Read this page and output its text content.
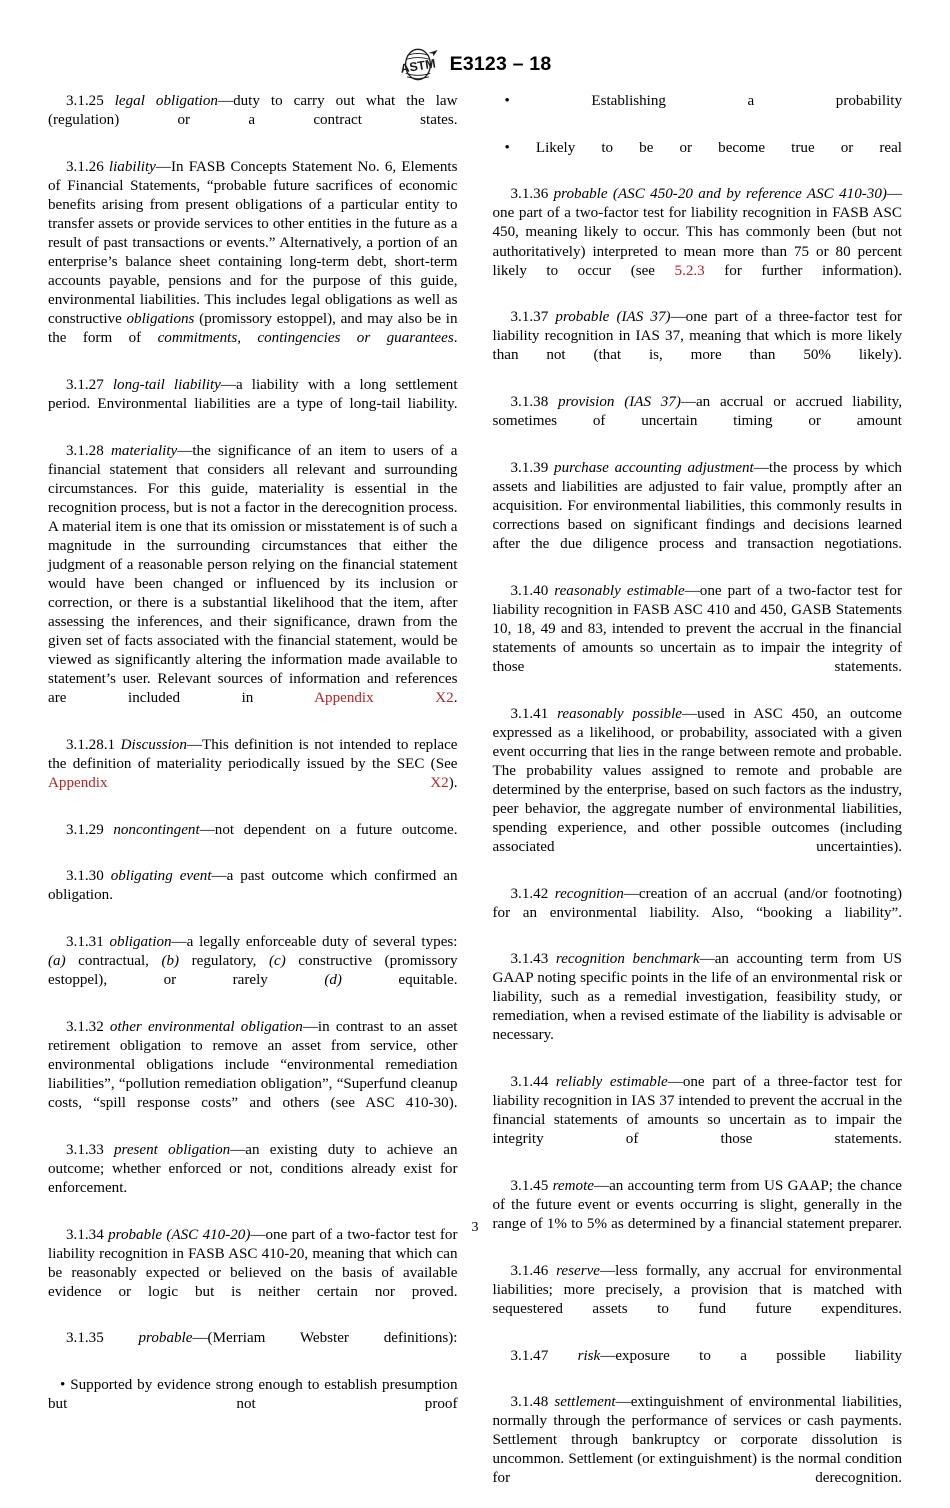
ASTM E3123 – 18

3.1.25 legal obligation—duty to carry out what the law (regulation) or a contract states.

3.1.26 liability—In FASB Concepts Statement No. 6, Elements of Financial Statements, “probable future sacrifices of economic benefits arising from present obligations of a particular entity to transfer assets or provide services to other entities in the future as a result of past transactions or events.” Alternatively, a portion of an enterprise’s balance sheet containing long-term debt, short-term accounts payable, pensions and for the purpose of this guide, environmental liabilities. This includes legal obligations as well as constructive obligations (promissory estoppel), and may also be in the form of commitments, contingencies or guarantees.

3.1.27 long-tail liability—a liability with a long settlement period. Environmental liabilities are a type of long-tail liability.

3.1.28 materiality—the significance of an item to users of a financial statement that considers all relevant and surrounding circumstances. For this guide, materiality is essential in the recognition process, but is not a factor in the derecognition process. A material item is one that its omission or misstatement is of such a magnitude in the surrounding circumstances that either the judgment of a reasonable person relying on the financial statement would have been changed or influenced by its inclusion or correction, or there is a substantial likelihood that the item, after assessing the inferences, and their significance, drawn from the given set of facts associated with the financial statement, would be viewed as significantly altering the information made available to statement’s user. Relevant sources of information and references are included in Appendix X2.

3.1.28.1 Discussion—This definition is not intended to replace the definition of materiality periodically issued by the SEC (See Appendix X2).

3.1.29 noncontingent—not dependent on a future outcome.

3.1.30 obligating event—a past outcome which confirmed an obligation.

3.1.31 obligation—a legally enforceable duty of several types: (a) contractual, (b) regulatory, (c) constructive (promissory estoppel), or rarely (d) equitable.

3.1.32 other environmental obligation—in contrast to an asset retirement obligation to remove an asset from service, other environmental obligations include “environmental remediation liabilities”, “pollution remediation obligation”, “Superfund cleanup costs, “spill response costs” and others (see ASC 410-30).

3.1.33 present obligation—an existing duty to achieve an outcome; whether enforced or not, conditions already exist for enforcement.

3.1.34 probable (ASC 410-20)—one part of a two-factor test for liability recognition in FASB ASC 410-20, meaning that which can be reasonably expected or believed on the basis of available evidence or logic but is neither certain nor proved.

3.1.35 probable—(Merriam Webster definitions):

• Supported by evidence strong enough to establish presumption but not proof

• Establishing a probability

• Likely to be or become true or real

3.1.36 probable (ASC 450-20 and by reference ASC 410-30)—one part of a two-factor test for liability recognition in FASB ASC 450, meaning likely to occur. This has commonly been (but not authoritatively) interpreted to mean more than 75 or 80 percent likely to occur (see 5.2.3 for further information).

3.1.37 probable (IAS 37)—one part of a three-factor test for liability recognition in IAS 37, meaning that which is more likely than not (that is, more than 50% likely).

3.1.38 provision (IAS 37)—an accrual or accrued liability, sometimes of uncertain timing or amount

3.1.39 purchase accounting adjustment—the process by which assets and liabilities are adjusted to fair value, promptly after an acquisition. For environmental liabilities, this commonly results in corrections based on significant findings and decisions learned after the due diligence process and transaction negotiations.

3.1.40 reasonably estimable—one part of a two-factor test for liability recognition in FASB ASC 410 and 450, GASB Statements 10, 18, 49 and 83, intended to prevent the accrual in the financial statements of amounts so uncertain as to impair the integrity of those statements.

3.1.41 reasonably possible—used in ASC 450, an outcome expressed as a likelihood, or probability, associated with a given event occurring that lies in the range between remote and probable. The probability values assigned to remote and probable are determined by the enterprise, based on such factors as the industry, peer behavior, the aggregate number of environmental liabilities, spending experience, and other possible outcomes (including associated uncertainties).

3.1.42 recognition—creation of an accrual (and/or footnoting) for an environmental liability. Also, “booking a liability”.

3.1.43 recognition benchmark—an accounting term from US GAAP noting specific points in the life of an environmental risk or liability, such as a remedial investigation, feasibility study, or remediation, when a revised estimate of the liability is advisable or necessary.

3.1.44 reliably estimable—one part of a three-factor test for liability recognition in IAS 37 intended to prevent the accrual in the financial statements of amounts so uncertain as to impair the integrity of those statements.

3.1.45 remote—an accounting term from US GAAP; the chance of the future event or events occurring is slight, generally in the range of 1% to 5% as determined by a financial statement preparer.

3.1.46 reserve—less formally, any accrual for environmental liabilities; more precisely, a provision that is matched with sequestered assets to fund future expenditures.

3.1.47 risk—exposure to a possible liability

3.1.48 settlement—extinguishment of environmental liabilities, normally through the performance of services or cash payments. Settlement through bankruptcy or corporate dissolution is uncommon. Settlement (or extinguishment) is the normal condition for derecognition.

3
